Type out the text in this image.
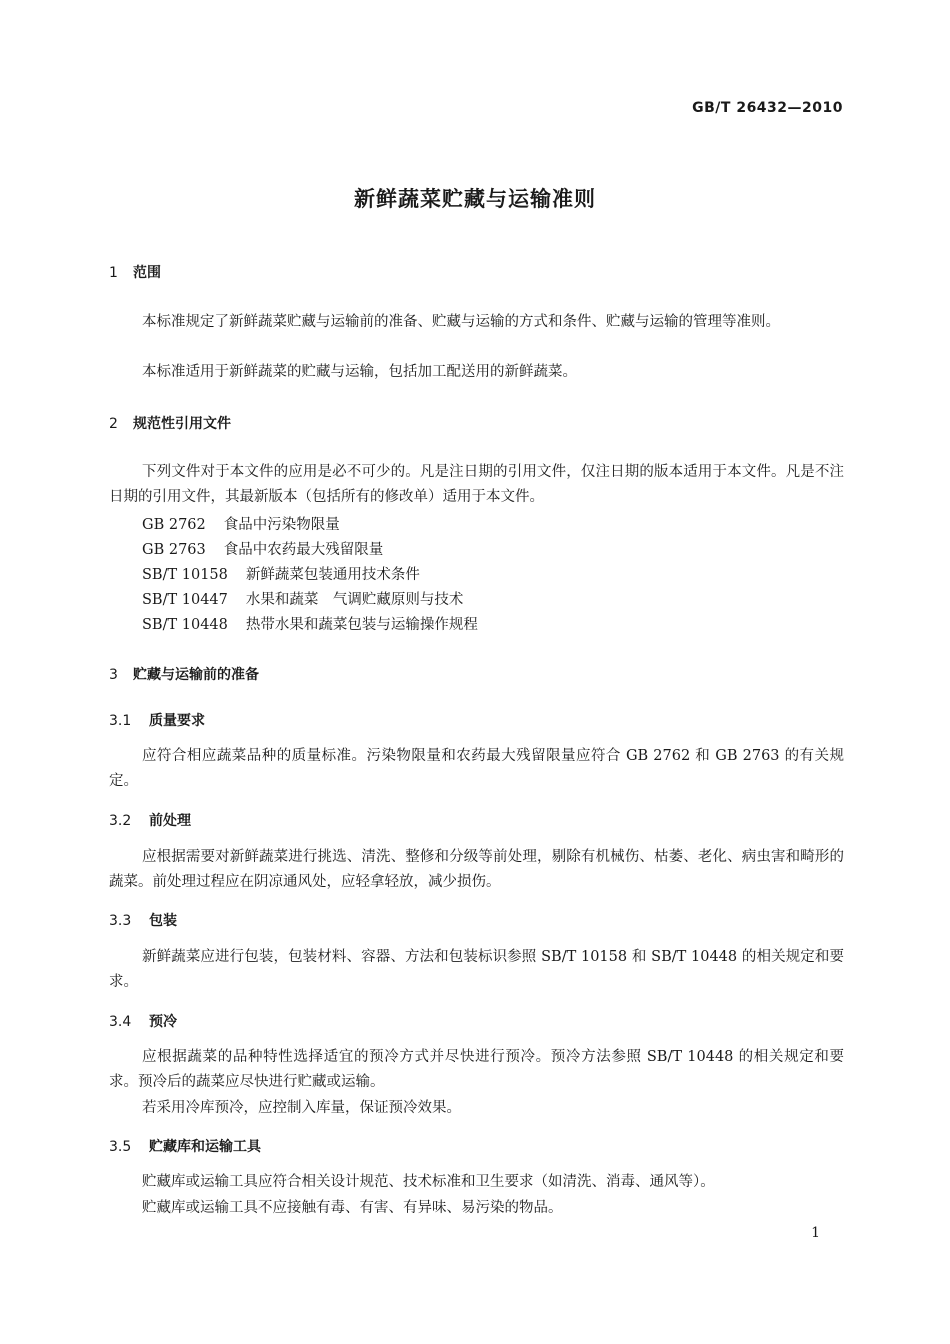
GB/T 26432—2010
新鲜蔬菜贮藏与运输准则
1 范围
本标准规定了新鲜蔬菜贮藏与运输前的准备、贮藏与运输的方式和条件、贮藏与运输的管理等准则。
本标准适用于新鲜蔬菜的贮藏与运输，包括加工配送用的新鲜蔬菜。
2 规范性引用文件
下列文件对于本文件的应用是必不可少的。凡是注日期的引用文件，仅注日期的版本适用于本文件。凡是不注日期的引用文件，其最新版本（包括所有的修改单）适用于本文件。
GB 2762 食品中污染物限量
GB 2763 食品中农药最大残留限量
SB/T 10158 新鲜蔬菜包装通用技术条件
SB/T 10447 水果和蔬菜　气调贮藏原则与技术
SB/T 10448 热带水果和蔬菜包装与运输操作规程
3 贮藏与运输前的准备
3.1 质量要求
应符合相应蔬菜品种的质量标准。污染物限量和农药最大残留限量应符合 GB 2762 和 GB 2763 的有关规定。
3.2 前处理
应根据需要对新鲜蔬菜进行挑选、清洗、整修和分级等前处理，剔除有机械伤、枯萎、老化、病虫害和畸形的蔬菜。前处理过程应在阴凉通风处，应轻拿轻放，减少损伤。
3.3 包装
新鲜蔬菜应进行包装，包装材料、容器、方法和包装标识参照 SB/T 10158 和 SB/T 10448 的相关规定和要求。
3.4 预冷
应根据蔬菜的品种特性选择适宜的预冷方式并尽快进行预冷。预冷方法参照 SB/T 10448 的相关规定和要求。预冷后的蔬菜应尽快进行贮藏或运输。
若采用冷库预冷，应控制入库量，保证预冷效果。
3.5 贮藏库和运输工具
贮藏库或运输工具应符合相关设计规范、技术标准和卫生要求（如清洗、消毒、通风等）。
贮藏库或运输工具不应接触有毒、有害、有异味、易污染的物品。
1
